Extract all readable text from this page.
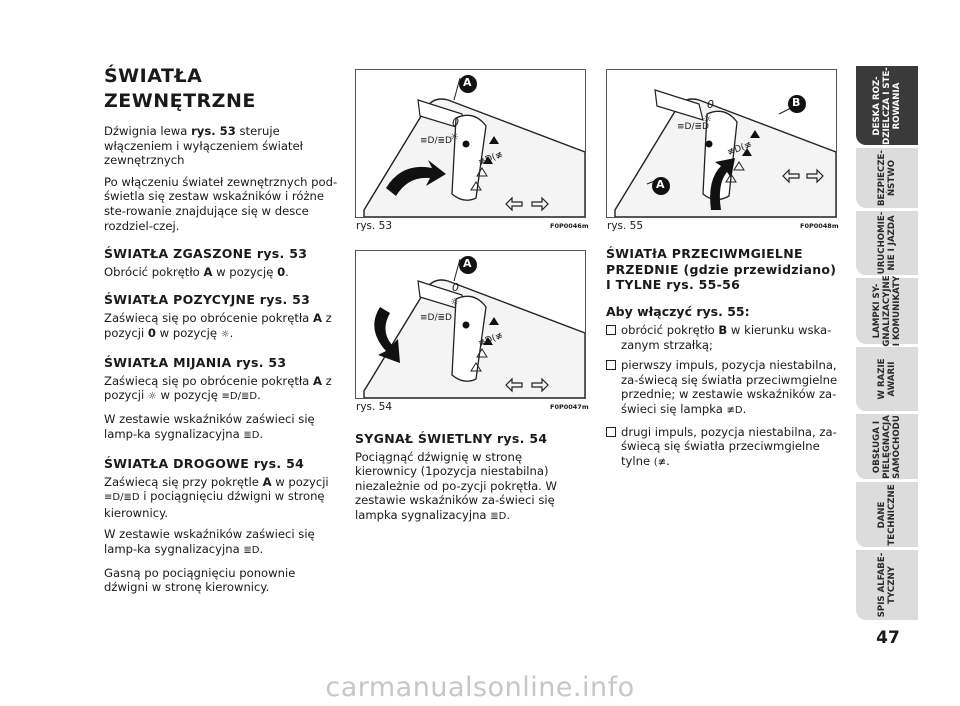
ŚWIATŁA ZEWNĘTRZNE

Dźwignia lewa rys. 53 steruje włączeniem i wyłączeniem świateł zewnętrznych

Po włączeniu świateł zewnętrznych pod-świetla się zestaw wskaźników i różne ste-rowanie znajdujące się w desce rozdziel-czej.

ŚWIATŁA ZGASZONE rys. 53

Obrócić pokrętło A w pozycję 0.

ŚWIATŁA POZYCYJNE rys. 53

Zaświecą się po obrócenie pokrętła A z pozycji 0 w pozycję ☼.

ŚWIATŁA MIJANIA rys. 53

Zaświecą się po obrócenie pokrętła A z pozycji ☼ w pozycję ≡D/≣D.

W zestawie wskaźników zaświeci się lamp-ka sygnalizacyjna ≣D.

ŚWIATŁA DROGOWE rys. 54

Zaświecą się przy pokrętle A w pozycji ≡D/≣D i pociągnięciu dźwigni w stronę kierownicy.

W zestawie wskaźników zaświeci się lamp-ka sygnalizacyjna ≣D.

Gasną po pociągnięciu ponownie dźwigni w stronę kierownicy.

A
0
☼
≡D/≣D
≢D(≢
rys. 53	F0P0046m
A
0
☼
≡D/≣D
≢D(≢
rys. 54	F0P0047m
B
A
0
☼
≡D/≣D
≢D(≢
rys. 55	F0P0048m
SYGNAŁ ŚWIETLNY rys. 54

Pociągnąć dźwignię w stronę kierownicy (1pozycja niestabilna) niezależnie od po-zycji pokrętła. W zestawie wskaźników za-świeci się lampka sygnalizacyjna ≣D.

ŚWIATłA PRZECIWMGIELNE PRZEDNIE (gdzie przewidziano) I TYLNE rys. 55-56
Aby włączyć rys. 55:
obrócić pokrętło B w kierunku wska-zanym strzałką;
pierwszy impuls, pozycja niestabilna, za-świecą się światła przeciwmgielne przednie; w zestawie wskaźników za-świeci się lampka ≢D.
drugi impuls, pozycja niestabilna, za-świecą się światła przeciwmgielne tylne (≢.
DESKA ROZ-
DZIELCZA I STE-
ROWANIA
BEZPIECZE-
ŃSTWO
URUCHOMIE-
NIE I JAZDA
LAMPKI SY-
GNALIZACYJNE
I KOMUNIKATY
W RAZIE
AWARII
OBSŁUGA I
PIELĘGNACJA
SAMOCHODU
DANE
TECHNICZNE
SPIS ALFABE-
TYCZNY
47
carmanualsonline.info
